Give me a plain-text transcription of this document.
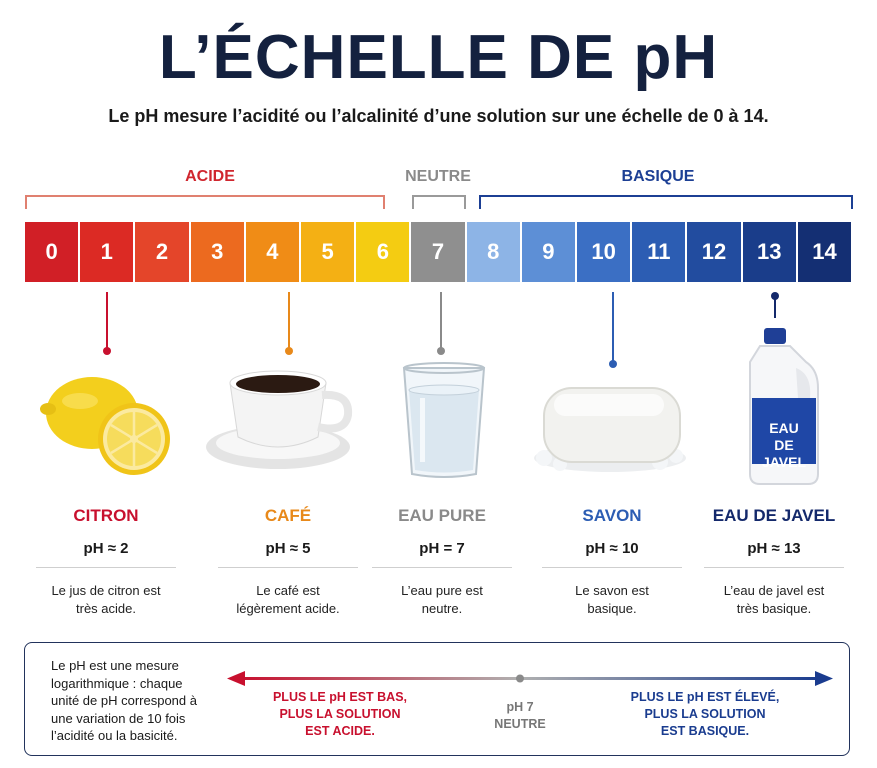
L’ÉCHELLE DE pH
Le pH mesure l’acidité ou l’alcalinité d’une solution sur une échelle de 0 à 14.
ACIDE	NEUTRE	BASIQUE
0	1	2	3	4	5	6	7	8	9	10	11	12	13	14
EAU
DE JAVEL
CITRON
pH ≈ 2
Le jus de citron est
très acide.
CAFÉ
pH ≈ 5
Le café est
légèrement acide.
EAU PURE
pH = 7
L’eau pure est
neutre.
SAVON
pH ≈ 10
Le savon est
basique.
EAU DE JAVEL
pH ≈ 13
L’eau de javel est
très basique.
Le pH est une mesure
logarithmique : chaque
unité de pH correspond à
une variation de 10 fois
l’acidité ou la basicité.
PLUS LE pH EST BAS,
PLUS LA SOLUTION
EST ACIDE.
pH 7
NEUTRE
PLUS LE pH EST ÉLEVÉ,
PLUS LA SOLUTION
EST BASIQUE.
